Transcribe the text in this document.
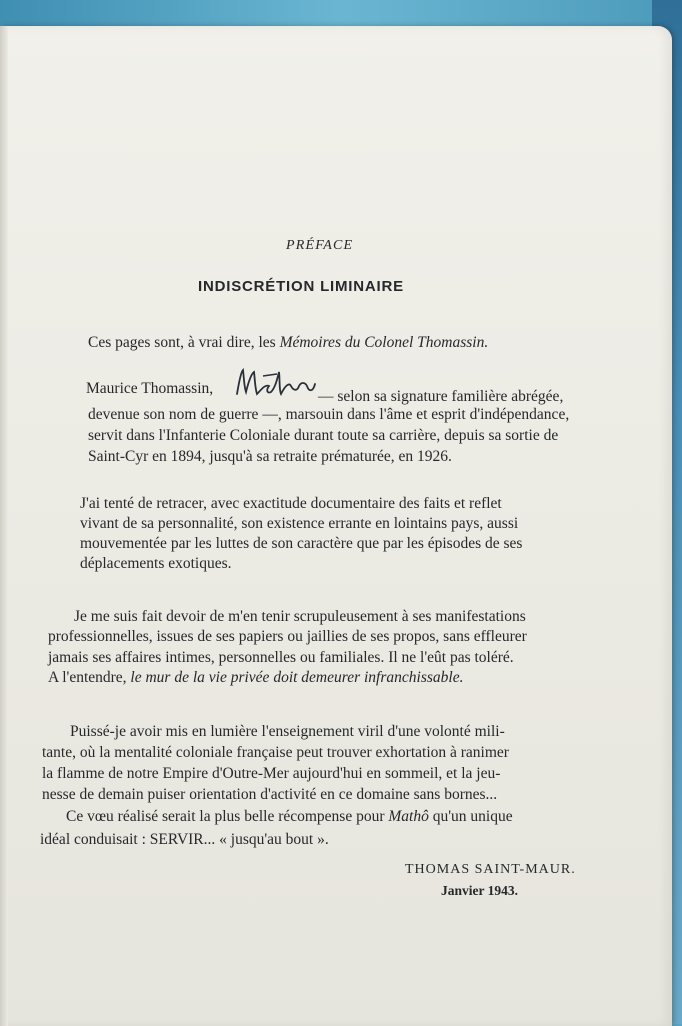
PRÉFACE
INDISCRÉTION LIMINAIRE
Ces pages sont, à vrai dire, les Mémoires du Colonel Thomassin.
Maurice Thomassin,	— selon sa signature familière abrégée,
devenue son nom de guerre —, marsouin dans l'âme et esprit d'indépendance,
servit dans l'Infanterie Coloniale durant toute sa carrière, depuis sa sortie de
Saint-Cyr en 1894, jusqu'à sa retraite prématurée, en 1926.
J'ai tenté de retracer, avec exactitude documentaire des faits et reflet
vivant de sa personnalité, son existence errante en lointains pays, aussi
mouvementée par les luttes de son caractère que par les épisodes de ses
déplacements exotiques.
Je me suis fait devoir de m'en tenir scrupuleusement à ses manifestations
professionnelles, issues de ses papiers ou jaillies de ses propos, sans effleurer
jamais ses affaires intimes, personnelles ou familiales. Il ne l'eût pas toléré.
A l'entendre, le mur de la vie privée doit demeurer infranchissable.
Puissé-je avoir mis en lumière l'enseignement viril d'une volonté mili-
tante, où la mentalité coloniale française peut trouver exhortation à ranimer
la flamme de notre Empire d'Outre-Mer aujourd'hui en sommeil, et la jeu-
nesse de demain puiser orientation d'activité en ce domaine sans bornes...
Ce vœu réalisé serait la plus belle récompense pour Mathô qu'un unique
idéal conduisait : SERVIR... « jusqu'au bout ».
THOMAS SAINT-MAUR.
Janvier 1943.
